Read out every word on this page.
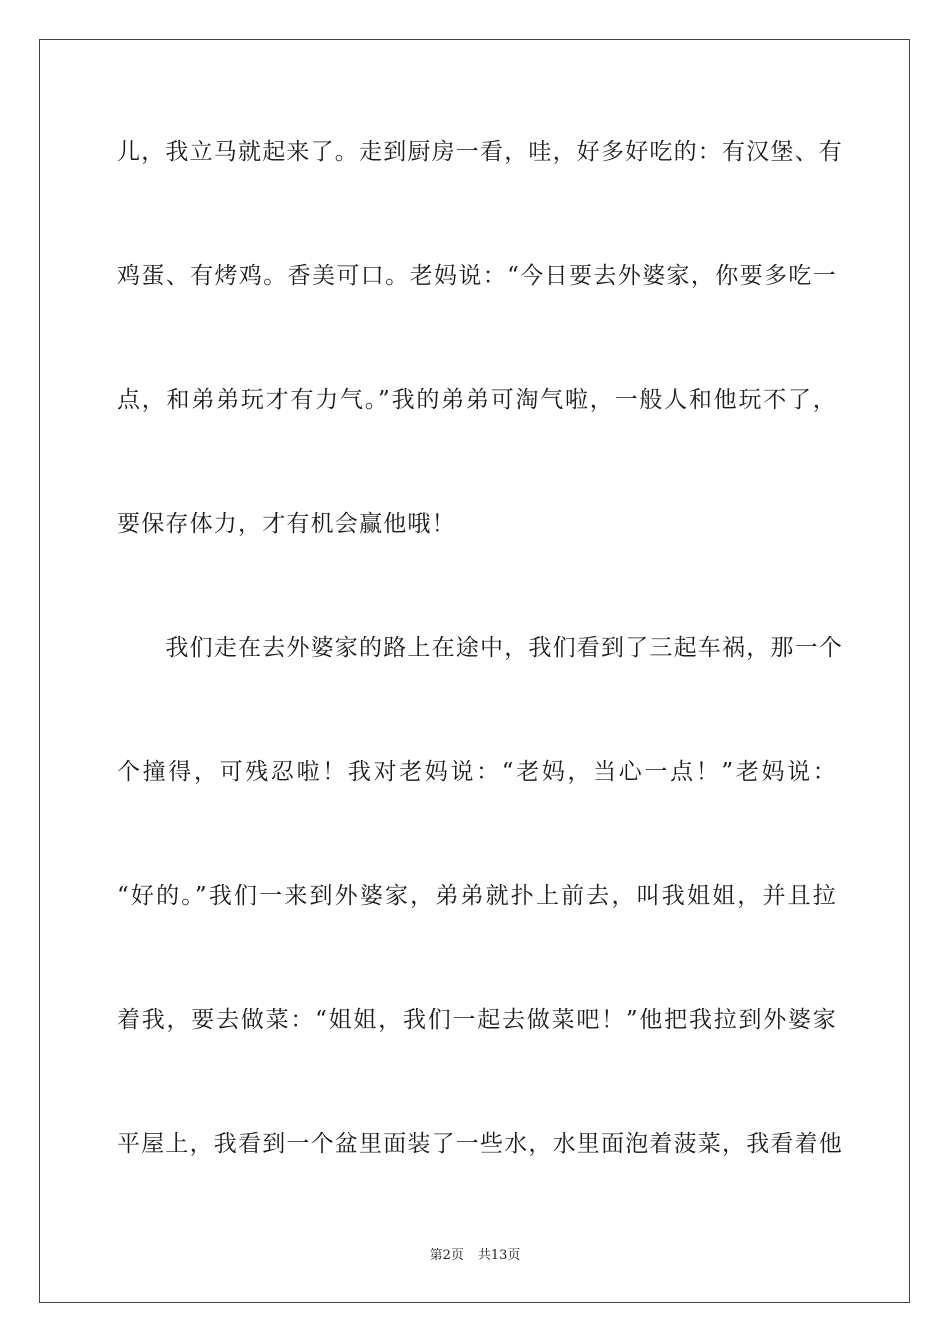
儿，我立马就起来了。走到厨房一看，哇，好多好吃的：有汉堡、有
鸡蛋、有烤鸡。香美可口。老妈说：“今日要去外婆家，你要多吃一
点，和弟弟玩才有力气。”我的弟弟可淘气啦，一般人和他玩不了，
要保存体力，才有机会赢他哦！
　　我们走在去外婆家的路上在途中，我们看到了三起车祸，那一个
个撞得，可残忍啦！我对老妈说：“老妈，当心一点！”老妈说：
“好的。”我们一来到外婆家，弟弟就扑上前去，叫我姐姐，并且拉
着我，要去做菜：“姐姐，我们一起去做菜吧！”他把我拉到外婆家
平屋上，我看到一个盆里面装了一些水，水里面泡着菠菜，我看着他
第2页 共13页
